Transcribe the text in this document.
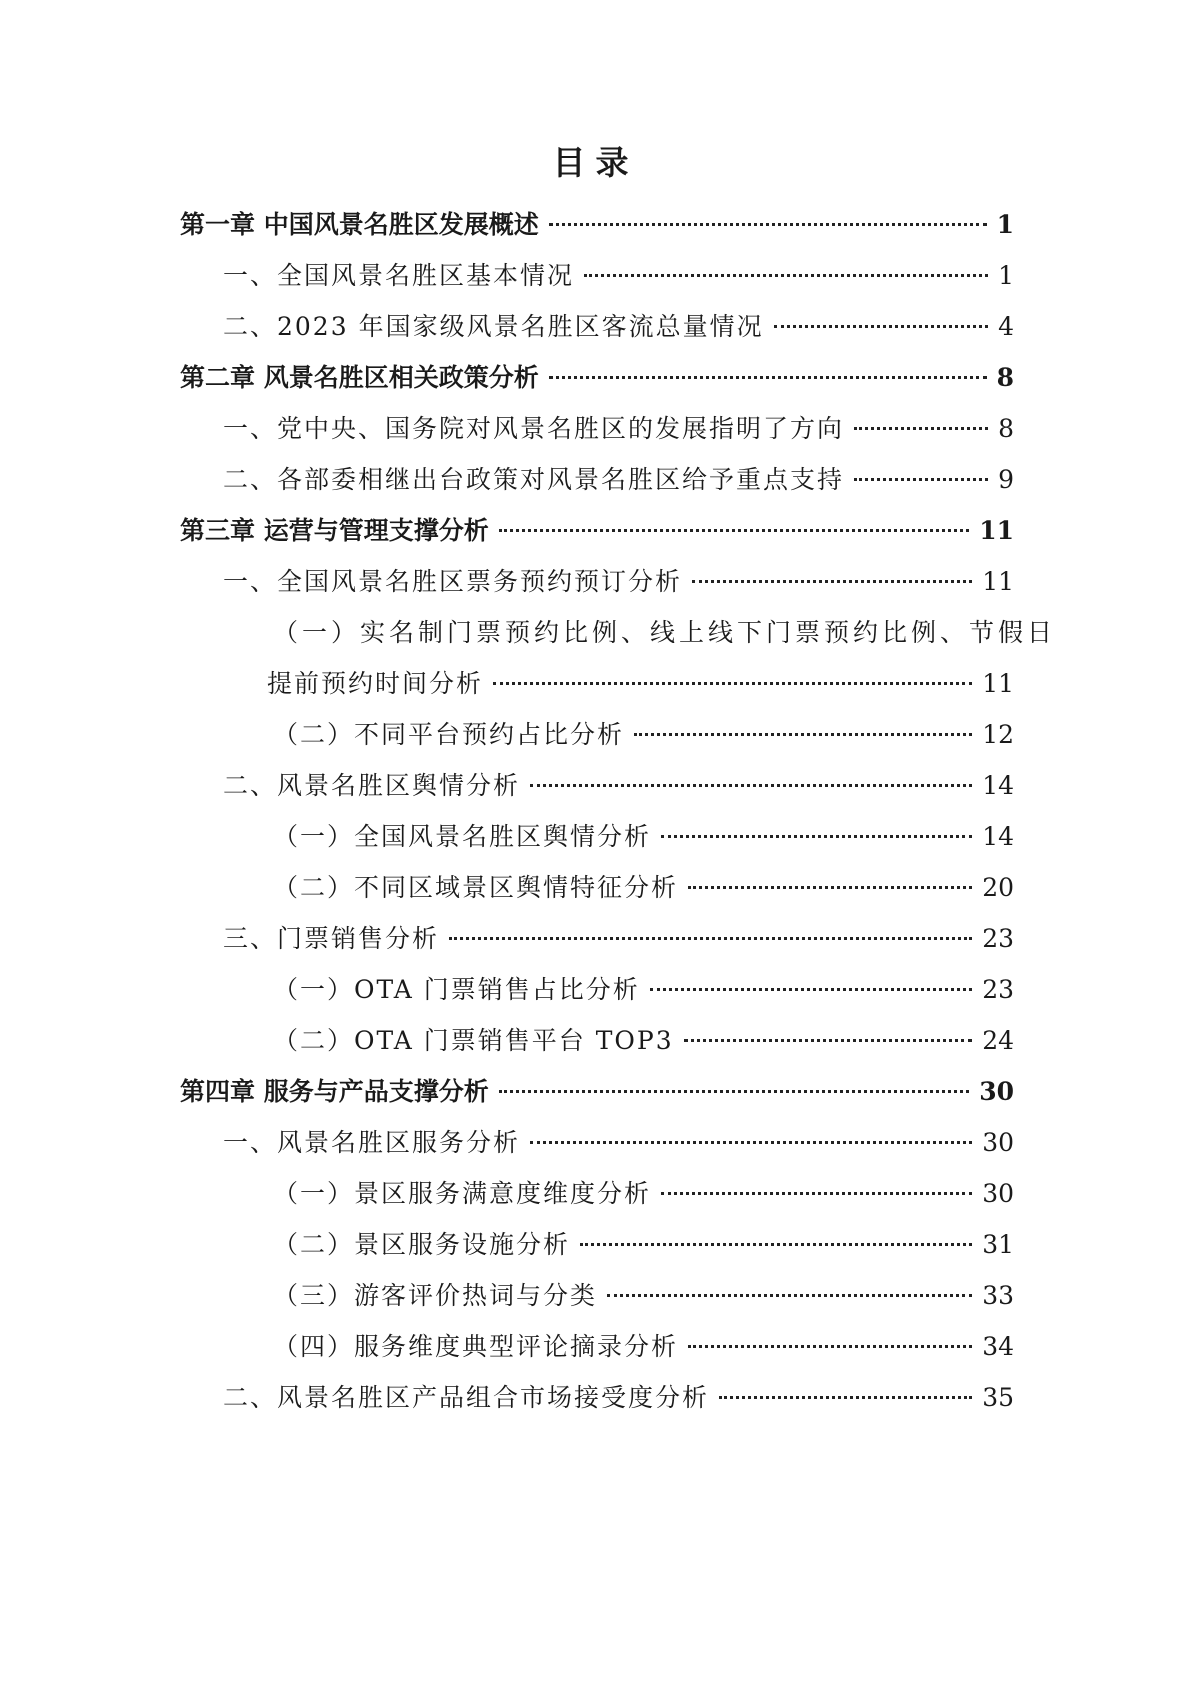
目录
第一章 中国风景名胜区发展概述	1
一、全国风景名胜区基本情况	1
二、2023 年国家级风景名胜区客流总量情况	4
第二章 风景名胜区相关政策分析	8
一、党中央、国务院对风景名胜区的发展指明了方向	8
二、各部委相继出台政策对风景名胜区给予重点支持	9
第三章 运营与管理支撑分析	11
一、全国风景名胜区票务预约预订分析	11
（一）实名制门票预约比例、线上线下门票预约比例、节假日
提前预约时间分析	11
（二）不同平台预约占比分析	12
二、风景名胜区舆情分析	14
（一）全国风景名胜区舆情分析	14
（二）不同区域景区舆情特征分析	20
三、门票销售分析	23
（一）OTA 门票销售占比分析	23
（二）OTA 门票销售平台 TOP3	24
第四章 服务与产品支撑分析	30
一、风景名胜区服务分析	30
（一）景区服务满意度维度分析	30
（二）景区服务设施分析	31
（三）游客评价热词与分类	33
（四）服务维度典型评论摘录分析	34
二、风景名胜区产品组合市场接受度分析	35
